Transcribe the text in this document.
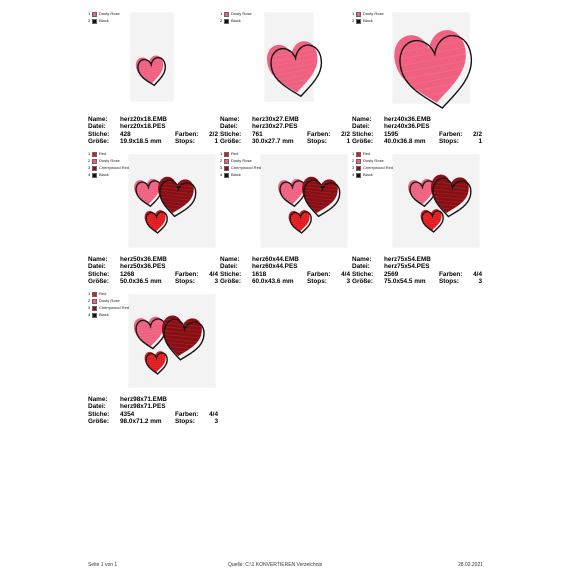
1 Dusty Rose
2 Black
Name: herz20x18.EMB
Datei: herz20x18.PES
Stiche: 428	Farben: 2/2
Größe: 19.9x18.5 mm Stops:	1
1 Dusty Rose
2 Black
Name: herz30x27.EMB
Datei: herz30x27.PES
Stiche: 761	Farben: 2/2
Größe: 30.0x27.7 mm Stops:	1
1 Dusty Rose
2 Black
Name: herz40x36.EMB
Datei: herz40x36.PES
Stiche: 1595	Farben: 2/2
Größe: 40.0x36.8 mm Stops:	1
1 Red
2 Dusty Rose
3 Cherrywood Red
4 Black
Name: herz50x36.EMB
Datei: herz50x36.PES
Stiche: 1268	Farben: 4/4
Größe: 50.0x36.5 mm Stops:	3
1 Red
2 Dusty Rose
3 Cherrywood Red
4 Black
Name: herz60x44.EMB
Datei: herz60x44.PES
Stiche: 1618	Farben: 4/4
Größe: 60.0x43.6 mm Stops:	3
1 Red
2 Dusty Rose
3 Cherrywood Red
4 Black
Name: herz75x54.EMB
Datei: herz75x54.PES
Stiche: 2569	Farben: 4/4
Größe: 75.0x54.5 mm Stops:	3
1 Red
2 Dusty Rose
3 Cherrywood Red
4 Black
Name: herz98x71.EMB
Datei: herz98x71.PES
Stiche: 4354	Farben: 4/4
Größe: 98.0x71.2 mm Stops:	3
Seite 1 von 1	Quelle: C:\1 KONVERTIEREN Verzeichnis	28.02.2021
